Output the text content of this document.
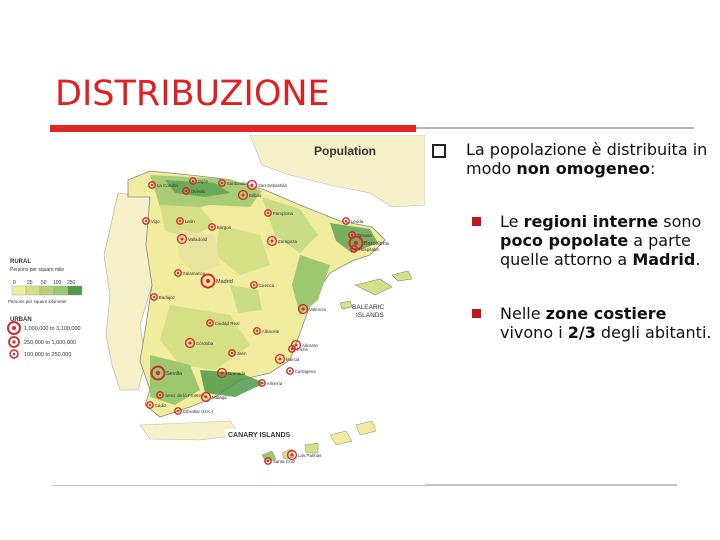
DISTRIBUZIONE
Population
RURAL
Persons per square mile
0 25 50 100 250
Persons per square kilometer
URBAN
1,000,000 to 3,100,000
250,000 to 1,000,000
100,000 to 250,000
BALEARIC
ISLANDS
CANARY ISLANDS
La Coruña
Gijón
Oviedo
Santander San Sebastián
Bilbao
Vigo	León
Pamplona
Burgos
Valladolid	Zaragoza
Lérida
Tarrasa
Barcelona
Hospitalet
Salamanca
Madrid
Cuenca
Valencia
Badajoz
Ciudad Real
Albacete
Elche
Alicante
Murcia
Córdoba
Jaén
Sevilla	Granada
Almería
Cartagena
Jerez de la Frontera
Cádiz
Málaga
Gibraltar (U.K.)
Santa Cruz
Las Palmas
La popolazione è distribuita in modo non omogeneo:
Le regioni interne sono poco popolate a parte quelle attorno a Madrid.
Nelle zone costiere vivono i 2/3 degli abitanti.
